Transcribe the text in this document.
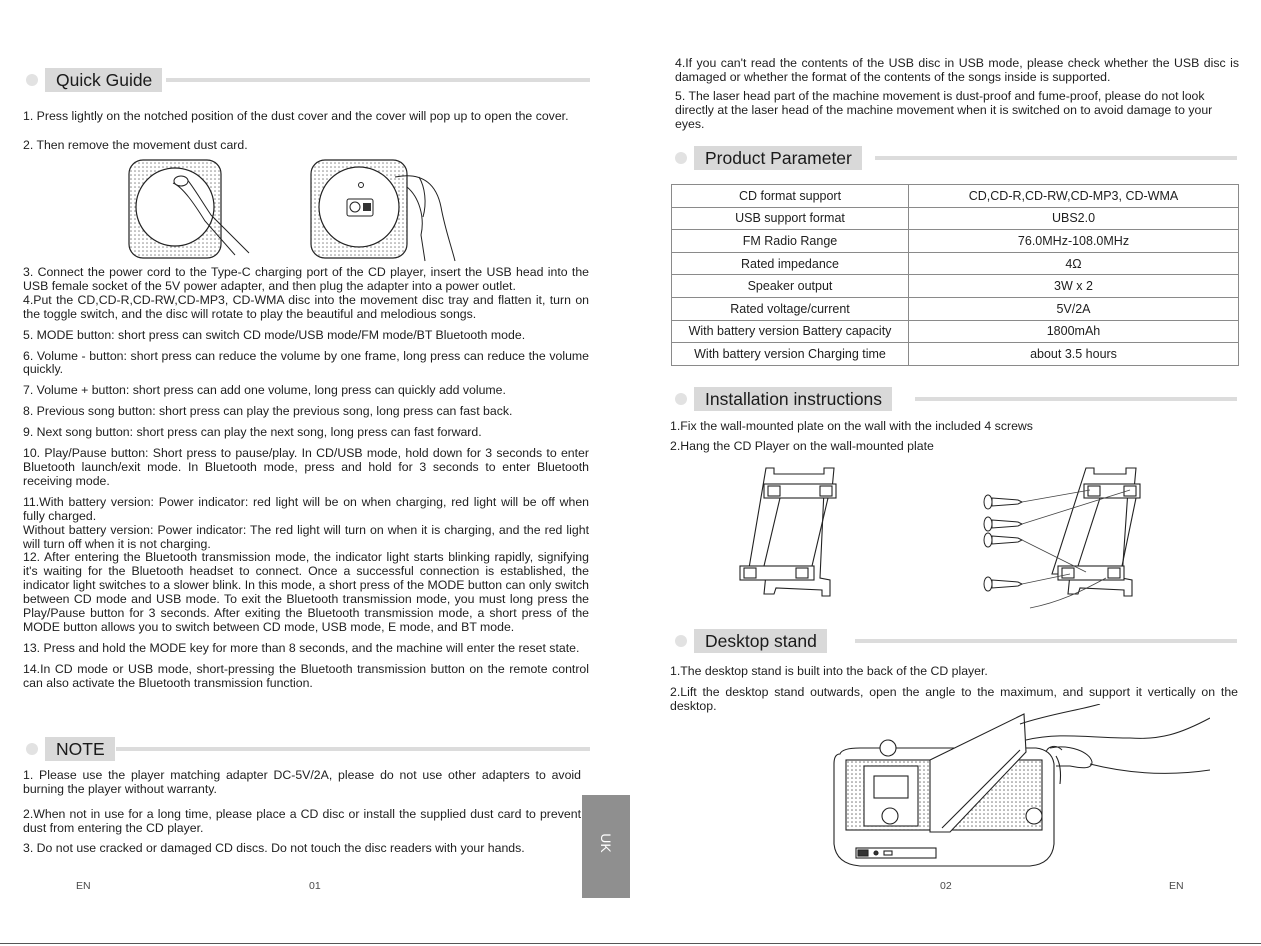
Quick Guide

1. Press lightly on the notched position of the dust cover and the cover will pop up to open the cover.

2. Then remove the movement dust card.

3. Connect the power cord to the Type-C charging port of the CD player, insert the USB head into the USB female socket of the 5V power adapter, and then plug the adapter into a power outlet.

4.Put the CD,CD-R,CD-RW,CD-MP3, CD-WMA disc into the movement disc tray and flatten it, turn on the toggle switch, and the disc will rotate to play the beautiful and melodious songs.

5. MODE button: short press can switch CD mode/USB mode/FM mode/BT Bluetooth mode.

6. Volume - button: short press can reduce the volume by one frame, long press can reduce the volume quickly.

7. Volume + button: short press can add one volume, long press can quickly add volume.

8. Previous song button: short press can play the previous song, long press can fast back.

9. Next song button: short press can play the next song, long press can fast forward.

10. Play/Pause button: Short press to pause/play. In CD/USB mode, hold down for 3 seconds to enter Bluetooth launch/exit mode. In Bluetooth mode, press and hold for 3 seconds to enter Bluetooth receiving mode.

11.With battery version: Power indicator: red light will be on when charging, red light will be off when fully charged.

Without battery version: Power indicator: The red light will turn on when it is charging, and the red light will turn off when it is not charging.

12. After entering the Bluetooth transmission mode, the indicator light starts blinking rapidly, signifying it's waiting for the Bluetooth headset to connect. Once a successful connection is established, the indicator light switches to a slower blink. In this mode, a short press of the MODE button can only switch between CD mode and USB mode. To exit the Bluetooth transmission mode, you must long press the Play/Pause button for 3 seconds. After exiting the Bluetooth transmission mode, a short press of the MODE button allows you to switch between CD mode, USB mode, E mode, and BT mode.

13. Press and hold the MODE key for more than 8 seconds, and the machine will enter the reset state.

14.In CD mode or USB mode, short-pressing the Bluetooth transmission button on the remote control can also activate the Bluetooth transmission function.

NOTE

1. Please use the player matching adapter DC-5V/2A, please do not use other adapters to avoid burning the player without warranty.

2.When not in use for a long time, please place a CD disc or install the supplied dust card to prevent dust from entering the CD player.

3. Do not use cracked or damaged CD discs. Do not touch the disc readers with your hands.

EN	01
UK

4.If you can't read the contents of the USB disc in USB mode, please check whether the USB disc is damaged or whether the format of the contents of the songs inside is supported.

5. The laser head part of the machine movement is dust-proof and fume-proof, please do not look directly at the laser head of the machine movement when it is switched on to avoid damage to your eyes.

Product Parameter
CD format support	CD,CD-R,CD-RW,CD-MP3, CD-WMA
USB support format	UBS2.0
FM Radio Range	76.0MHz-108.0MHz
Rated impedance	4Ω
Speaker output	3W x 2
Rated voltage/current	5V/2A
With battery version Battery capacity	1800mAh
With battery version Charging time	about 3.5 hours
Installation instructions

1.Fix the wall-mounted plate on the wall with the included 4 screws

2.Hang the CD Player on the wall-mounted plate

Desktop stand

1.The desktop stand is built into the back of the CD player.

2.Lift the desktop stand outwards, open the angle to the maximum, and support it vertically on the desktop.

02	EN
